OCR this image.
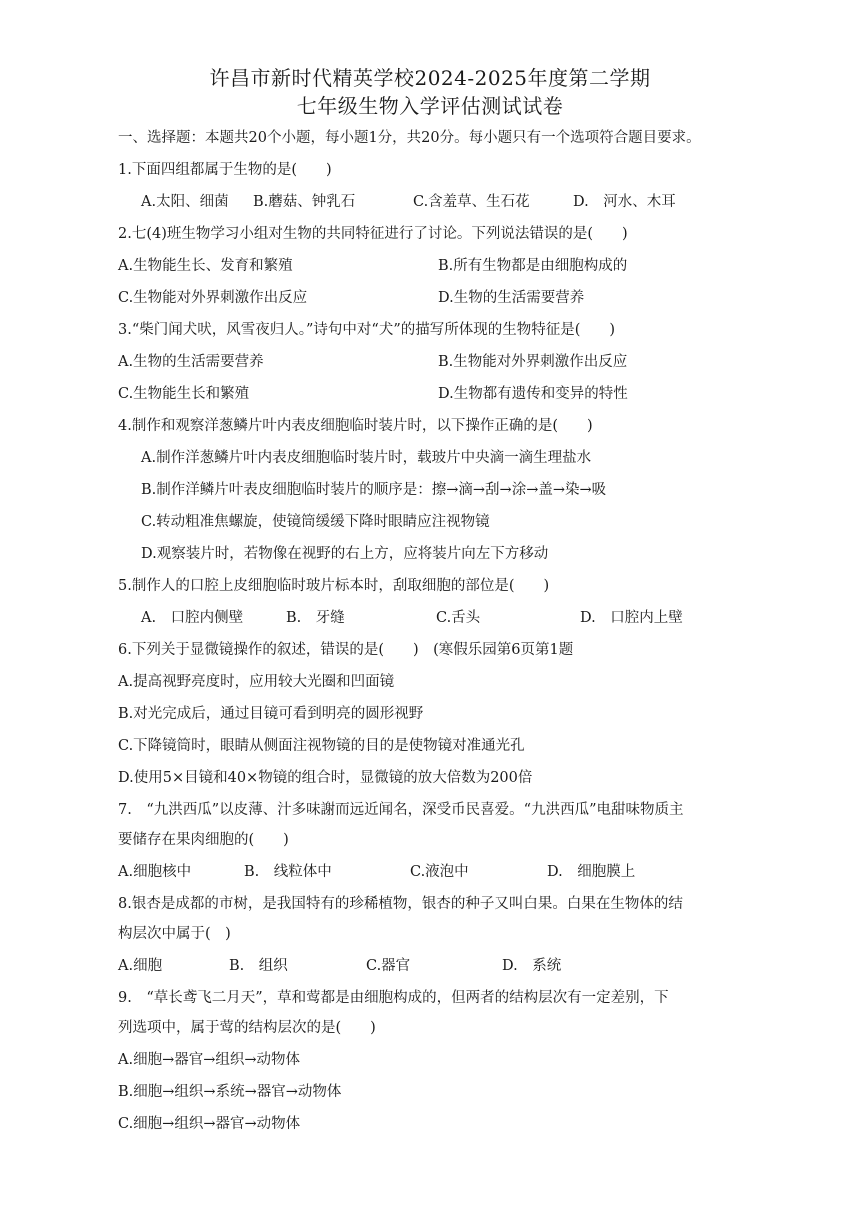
许昌市新时代精英学校2024-2025年度第二学期
七年级生物入学评估测试试卷
一、选择题：本题共20个小题，每小题1分，共20分。每小题只有一个选项符合题目要求。
1.下面四组都属于生物的是(　　)
A.太阳、细菌 B.蘑菇、钟乳石	C.含羞草、生石花	D.　河水、木耳
2.七(4)班生物学习小组对生物的共同特征进行了讨论。下列说法错误的是(　　)
A.生物能生长、发育和繁殖	B.所有生物都是由细胞构成的
C.生物能对外界刺激作出反应	D.生物的生活需要营养
3.“柴门闻犬吠，风雪夜归人。”诗句中对“犬”的描写所体现的生物特征是(　　)
A.生物的生活需要营养	B.生物能对外界刺激作出反应
C.生物能生长和繁殖	D.生物都有遗传和变异的特性
4.制作和观察洋葱鳞片叶内表皮细胞临时装片时，以下操作正确的是(　　)
A.制作洋葱鳞片叶内表皮细胞临时装片时，载玻片中央滴一滴生理盐水
B.制作洋鳞片叶表皮细胞临时装片的顺序是：擦→滴→刮→涂→盖→染→吸
C.转动粗准焦螺旋，使镜筒缓缓下降时眼睛应注视物镜
D.观察装片时，若物像在视野的右上方，应将装片向左下方移动
5.制作人的口腔上皮细胞临时玻片标本时，刮取细胞的部位是(　　)
A.　口腔内侧壁	B.　牙缝	C.舌头	D.　口腔内上壁
6.下列关于显微镜操作的叙述，错误的是(　　)　(寒假乐园第6页第1题
A.提高视野亮度时，应用较大光圈和凹面镜
B.对光完成后，通过目镜可看到明亮的圆形视野
C.下降镜筒时，眼睛从侧面注视物镜的目的是使物镜对准通光孔
D.使用5×目镜和40×物镜的组合时，显微镜的放大倍数为200倍
7.　“九洪西瓜”以皮薄、汁多味謝而远近闻名，深受币民喜爱。“九洪西瓜”电甜味物质主
要储存在果肉细胞的(　　)
A.细胞核中	B.　线粒体中	C.液泡中	D.　细胞膜上
8.银杏是成都的市树，是我国特有的珍稀植物，银杏的种子又叫白果。白果在生物体的结
构层次中属于(　)
A.细胞	B.　组织	C.器官	D.　系统
9.　“草长鸢飞二月天”，草和莺都是由细胞构成的，但两者的结构层次有一定差别，下
列选项中，属于莺的结构层次的是(　　)
A.细胞→器官→组织→动物体
B.细胞→组织→系统→器官→动物体
C.细胞→组织→器官→动物体
